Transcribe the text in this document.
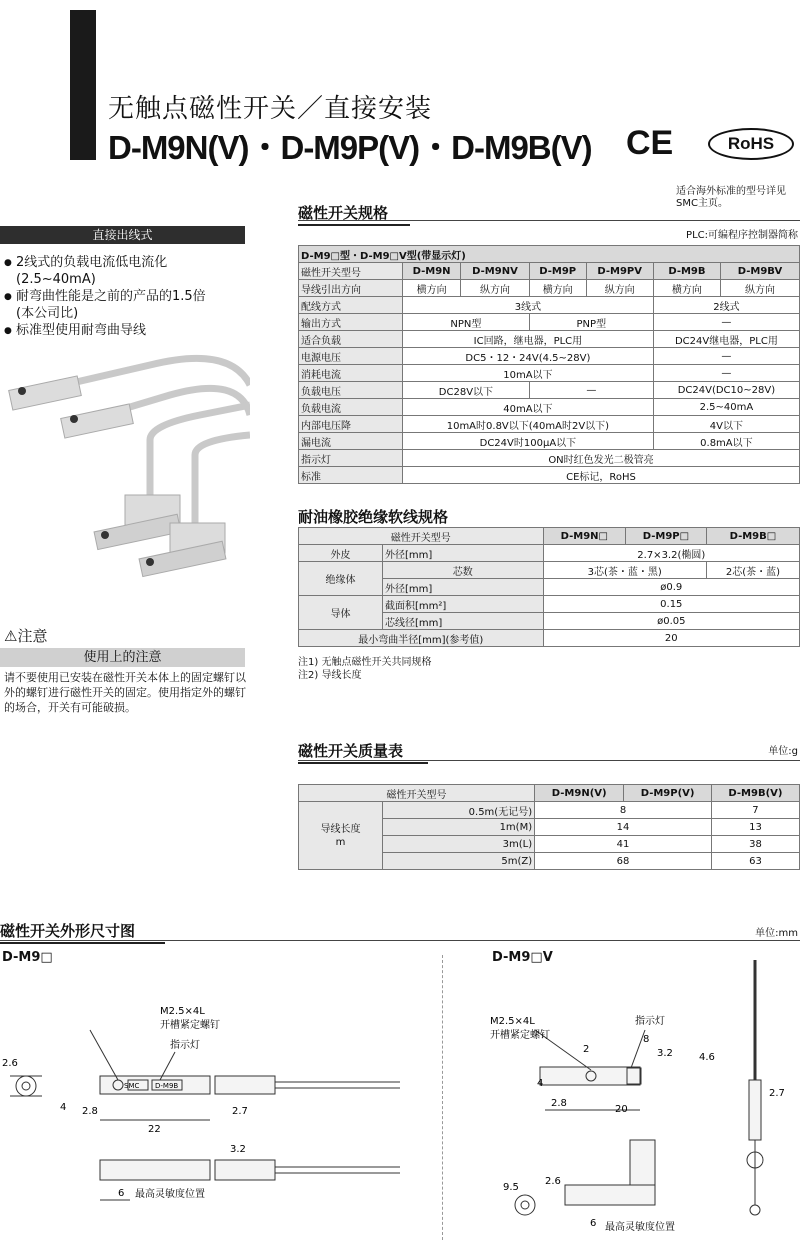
无触点磁性开关／直接安装
D-M9N(V)・D-M9P(V)・D-M9B(V) CE	RoHS
适合海外标准的型号详见SMC主页。
直接出线式
● 2线式的负载电流低电流化
(2.5~40mA)
● 耐弯曲性能是之前的产品的1.5倍
(本公司比)
● 标准型使用耐弯曲导线
⚠注意
使用上的注意
请不要使用已安装在磁性开关本体上的固定螺钉以外的螺钉进行磁性开关的固定。使用指定外的螺钉的场合，开关有可能破损。
磁性开关规格
PLC:可编程序控制器简称
D-M9□型・D-M9□V型(带显示灯)						
磁性开关型号	D-M9N	D-M9NV	D-M9P	D-M9PV	D-M9B	D-M9BV
导线引出方向	横方向	纵方向	横方向	纵方向	横方向	纵方向
配线方式	3线式				2线式	
输出方式	NPN型		PNP型		—	
适合负载	IC回路，继电器，PLC用				DC24V继电器，PLC用	
电源电压	DC5・12・24V(4.5~28V)				—	
消耗电流	10mA以下				—	
负载电压	DC28V以下		—		DC24V(DC10~28V)	
负载电流	40mA以下				2.5~40mA	
内部电压降	10mA时0.8V以下(40mA时2V以下)				4V以下	
漏电流	DC24V时100μA以下				0.8mA以下	
指示灯	ON时红色发光二极管亮					
标准	CE标记，RoHS					
耐油橡胶绝缘软线规格
磁性开关型号		D-M9N□	D-M9P□	D-M9B□
外皮	外径[mm]	2.7×3.2(椭圆)		
绝缘体	芯数	3芯(茶・蓝・黑)		2芯(茶・蓝)
	外径[mm]	ø0.9		
导体	截面积[mm²]	0.15		
	芯线径[mm]	ø0.05		
最小弯曲半径[mm](参考值)		20		
注1) 无触点磁性开关共同规格
注2) 导线长度
磁性开关质量表	单位:g
磁性开关型号		D-M9N(V)	D-M9P(V)	D-M9B(V)
导线长度
m	0.5m(无记号)	8		7
	1m(M)	14		13
	3m(L)	41		38
	5m(Z)	68		63
磁性开关外形尺寸图	单位:mm
D-M9□	D-M9□V
2.6
4 2.8
22
2.7
3.2
6 最高灵敏度位置
M2.5×4L
开槽紧定螺钉
指示灯
SMC D-M9B
M2.5×4L
开槽紧定螺钉
指示灯
2
8
3.2	4.6
4
2.8
20
2.7
9.5
2.6
6 最高灵敏度位置
